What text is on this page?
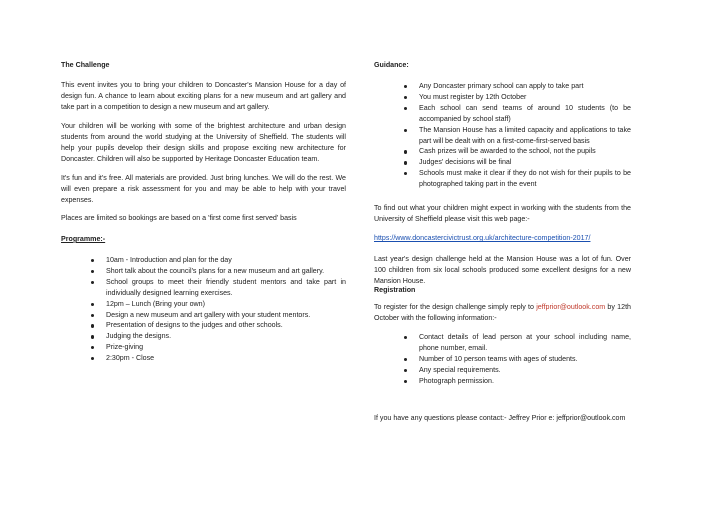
The Challenge

This event invites you to bring your children to Doncaster's Mansion House for a day of design fun. A chance to learn about exciting plans for a new museum and art gallery and take part in a competition to design a new museum and art gallery.

Your children will be working with some of the brightest architecture and urban design students from around the world studying at the University of Sheffield. The students will help your pupils develop their design skills and propose exciting new architecture for Doncaster. Children will also be supported by Heritage Doncaster Education team.

It's fun and it's free. All materials are provided. Just bring lunches. We will do the rest. We will even prepare a risk assessment for you and may be able to help with your travel expenses.

Places are limited so bookings are based on a 'first come first served' basis

Programme:-
10am - Introduction and plan for the day
Short talk about the council's plans for a new museum and art gallery.
School groups to meet their friendly student mentors and take part in individually designed learning exercises.
12pm – Lunch (Bring your own)
Design a new museum and art gallery with your student mentors.
Presentation of designs to the judges and other schools.
Judging the designs.
Prize-giving
2:30pm - Close
Guidance:
Any Doncaster primary school can apply to take part
You must register by 12th October
Each school can send teams of around 10 students (to be accompanied by school staff)
The Mansion House has a limited capacity and applications to take part will be dealt with on a first-come-first-served basis
Cash prizes will be awarded to the school, not the pupils
Judges' decisions will be final
Schools must make it clear if they do not wish for their pupils to be photographed taking part in the event

To find out what your children might expect in working with the students from the University of Sheffield please visit this web page:-

https://www.doncastercivictrust.org.uk/architecture-competition-2017/

Last year's design challenge held at the Mansion House was a lot of fun. Over 100 children from six local schools produced some excellent designs for a new Mansion House.

Registration

To register for the design challenge simply reply to jeffprior@outlook.com by 12th October with the following information:-

Contact details of lead person at your school including name, phone number, email.
Number of 10 person teams with ages of students.
Any special requirements.
Photograph permission.

If you have any questions please contact:- Jeffrey Prior e: jeffprior@outlook.com
